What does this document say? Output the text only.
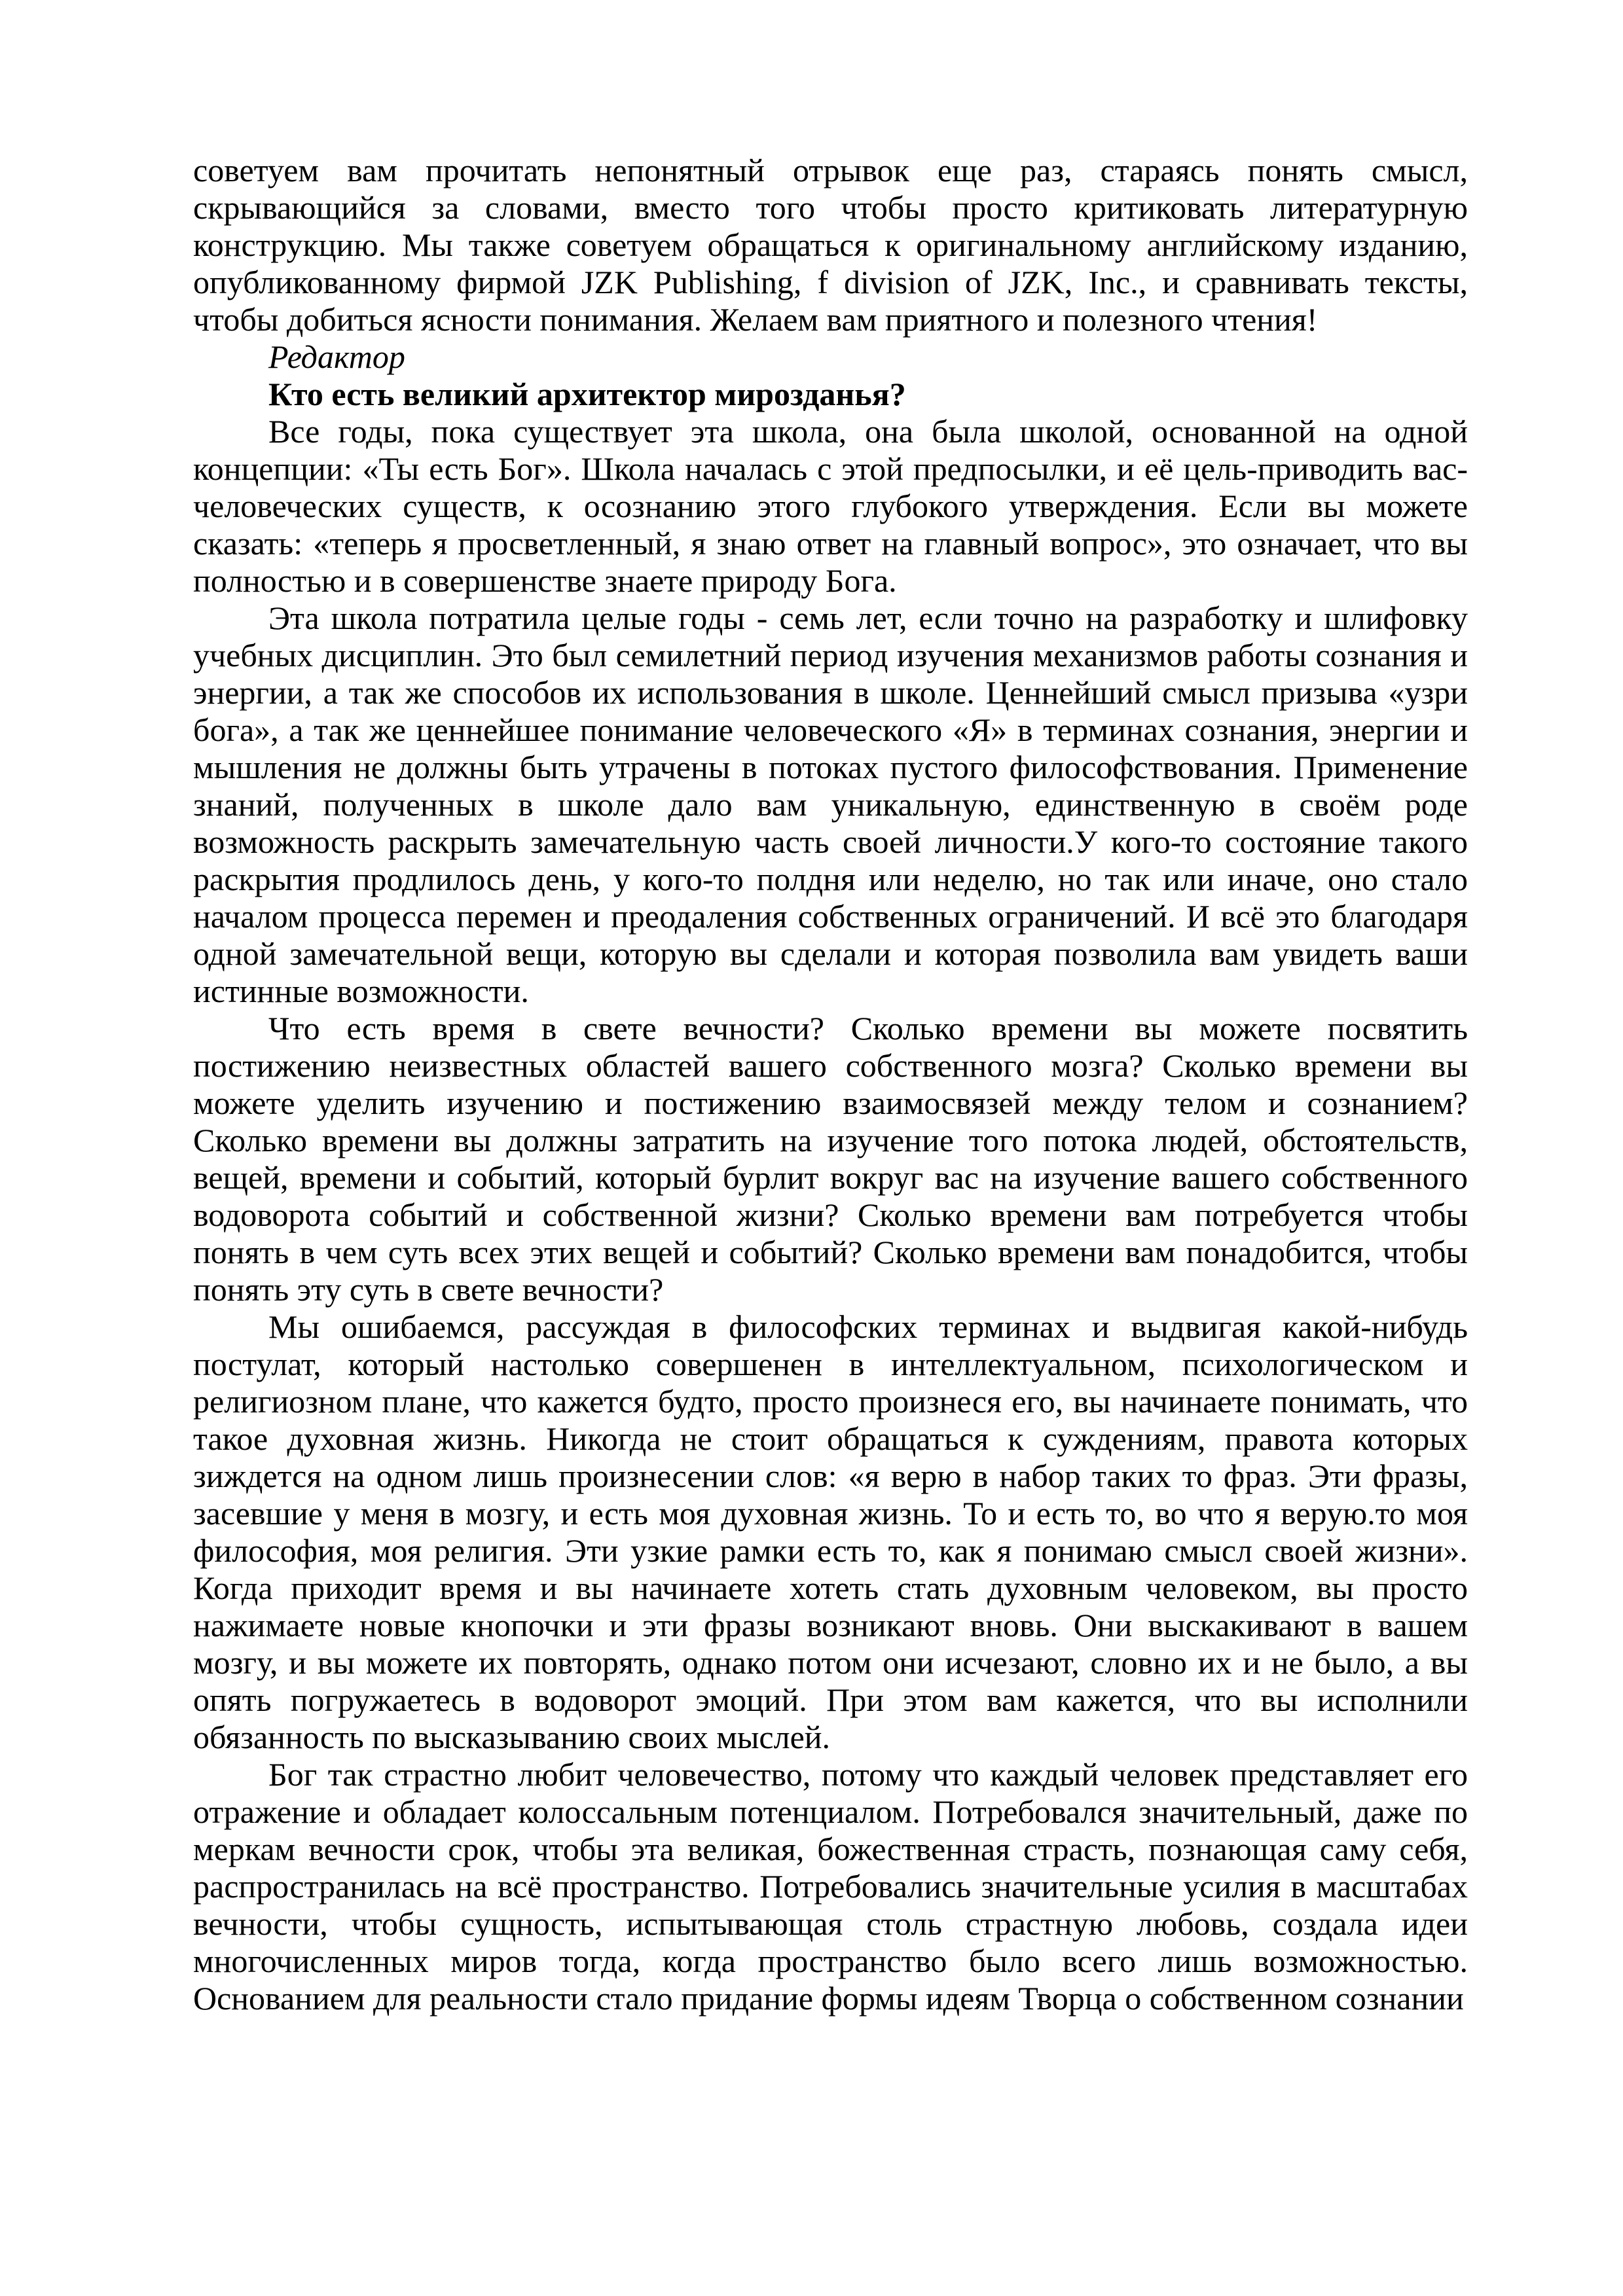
советуем вам прочитать непонятный отрывок еще раз, стараясь понять смысл, скрывающийся за словами, вместо того чтобы просто критиковать литературную конструкцию. Мы также советуем обращаться к оригинальному английскому изданию, опубликованному фирмой JZK Publishing, f division of JZK, Inc., и сравнивать тексты, чтобы добиться ясности понимания. Желаем вам приятного и полезного чтения!

Редактор

Кто есть великий архитектор мирозданья?

Все годы, пока существует эта школа, она была школой, основанной на одной концепции: «Ты есть Бог». Школа началась с этой предпосылки, и её цель-приводить вас-человеческих существ, к осознанию этого глубокого утверждения. Если вы можете сказать: «теперь я просветленный, я знаю ответ на главный вопрос», это означает, что вы полностью и в совершенстве знаете природу Бога.

Эта школа потратила целые годы - семь лет, если точно на разработку и шлифовку учебных дисциплин. Это был семилетний период изучения механизмов работы сознания и энергии, а так же способов их использования в школе. Ценнейший смысл призыва «узри бога», а так же ценнейшее понимание человеческого «Я» в терминах сознания, энергии и мышления не должны быть утрачены в потоках пустого философствования. Применение знаний, полученных в школе дало вам уникальную, единственную в своём роде возможность раскрыть замечательную часть своей личности.У кого-то состояние такого раскрытия продлилось день, у кого-то полдня или неделю, но так или иначе, оно стало началом процесса перемен и преодаления собственных ограничений. И всё это благодаря одной замечательной вещи, которую вы сделали и которая позволила вам увидеть ваши истинные возможности.

Что есть время в свете вечности? Сколько времени вы можете посвятить постижению неизвестных областей вашего собственного мозга? Сколько времени вы можете уделить изучению и постижению взаимосвязей между телом и сознанием? Сколько времени вы должны затратить на изучение того потока людей, обстоятельств, вещей, времени и событий, который бурлит вокруг вас на изучение вашего собственного водоворота событий и собственной жизни? Сколько времени вам потребуется чтобы понять в чем суть всех этих вещей и событий? Сколько времени вам понадобится, чтобы понять эту суть в свете вечности?

Мы ошибаемся, рассуждая в философских терминах и выдвигая какой-нибудь постулат, который настолько совершенен в интеллектуальном, психологическом и религиозном плане, что кажется будто, просто произнеся его, вы начинаете понимать, что такое духовная жизнь. Никогда не стоит обращаться к суждениям, правота которых зиждется на одном лишь произнесении слов: «я верю в набор таких то фраз. Эти фразы, засевшие у меня в мозгу, и есть моя духовная жизнь. То и есть то, во что я верую.то моя философия, моя религия. Эти узкие рамки есть то, как я понимаю смысл своей жизни». Когда приходит время и вы начинаете хотеть стать духовным человеком, вы просто нажимаете новые кнопочки и эти фразы возникают вновь. Они выскакивают в вашем мозгу, и вы можете их повторять, однако потом они исчезают, словно их и не было, а вы опять погружаетесь в водоворот эмоций. При этом вам кажется, что вы исполнили обязанность по высказыванию своих мыслей.

Бог так страстно любит человечество, потому что каждый человек представляет его отражение и обладает колоссальным потенциалом. Потребовался значительный, даже по меркам вечности срок, чтобы эта великая, божественная страсть, познающая саму себя, распространилась на всё пространство. Потребовались значительные усилия в масштабах вечности, чтобы сущность, испытывающая столь страстную любовь, создала идеи многочисленных миров тогда, когда пространство было всего лишь возможностью. Основанием для реальности стало придание формы идеям Творца о собственном сознании
